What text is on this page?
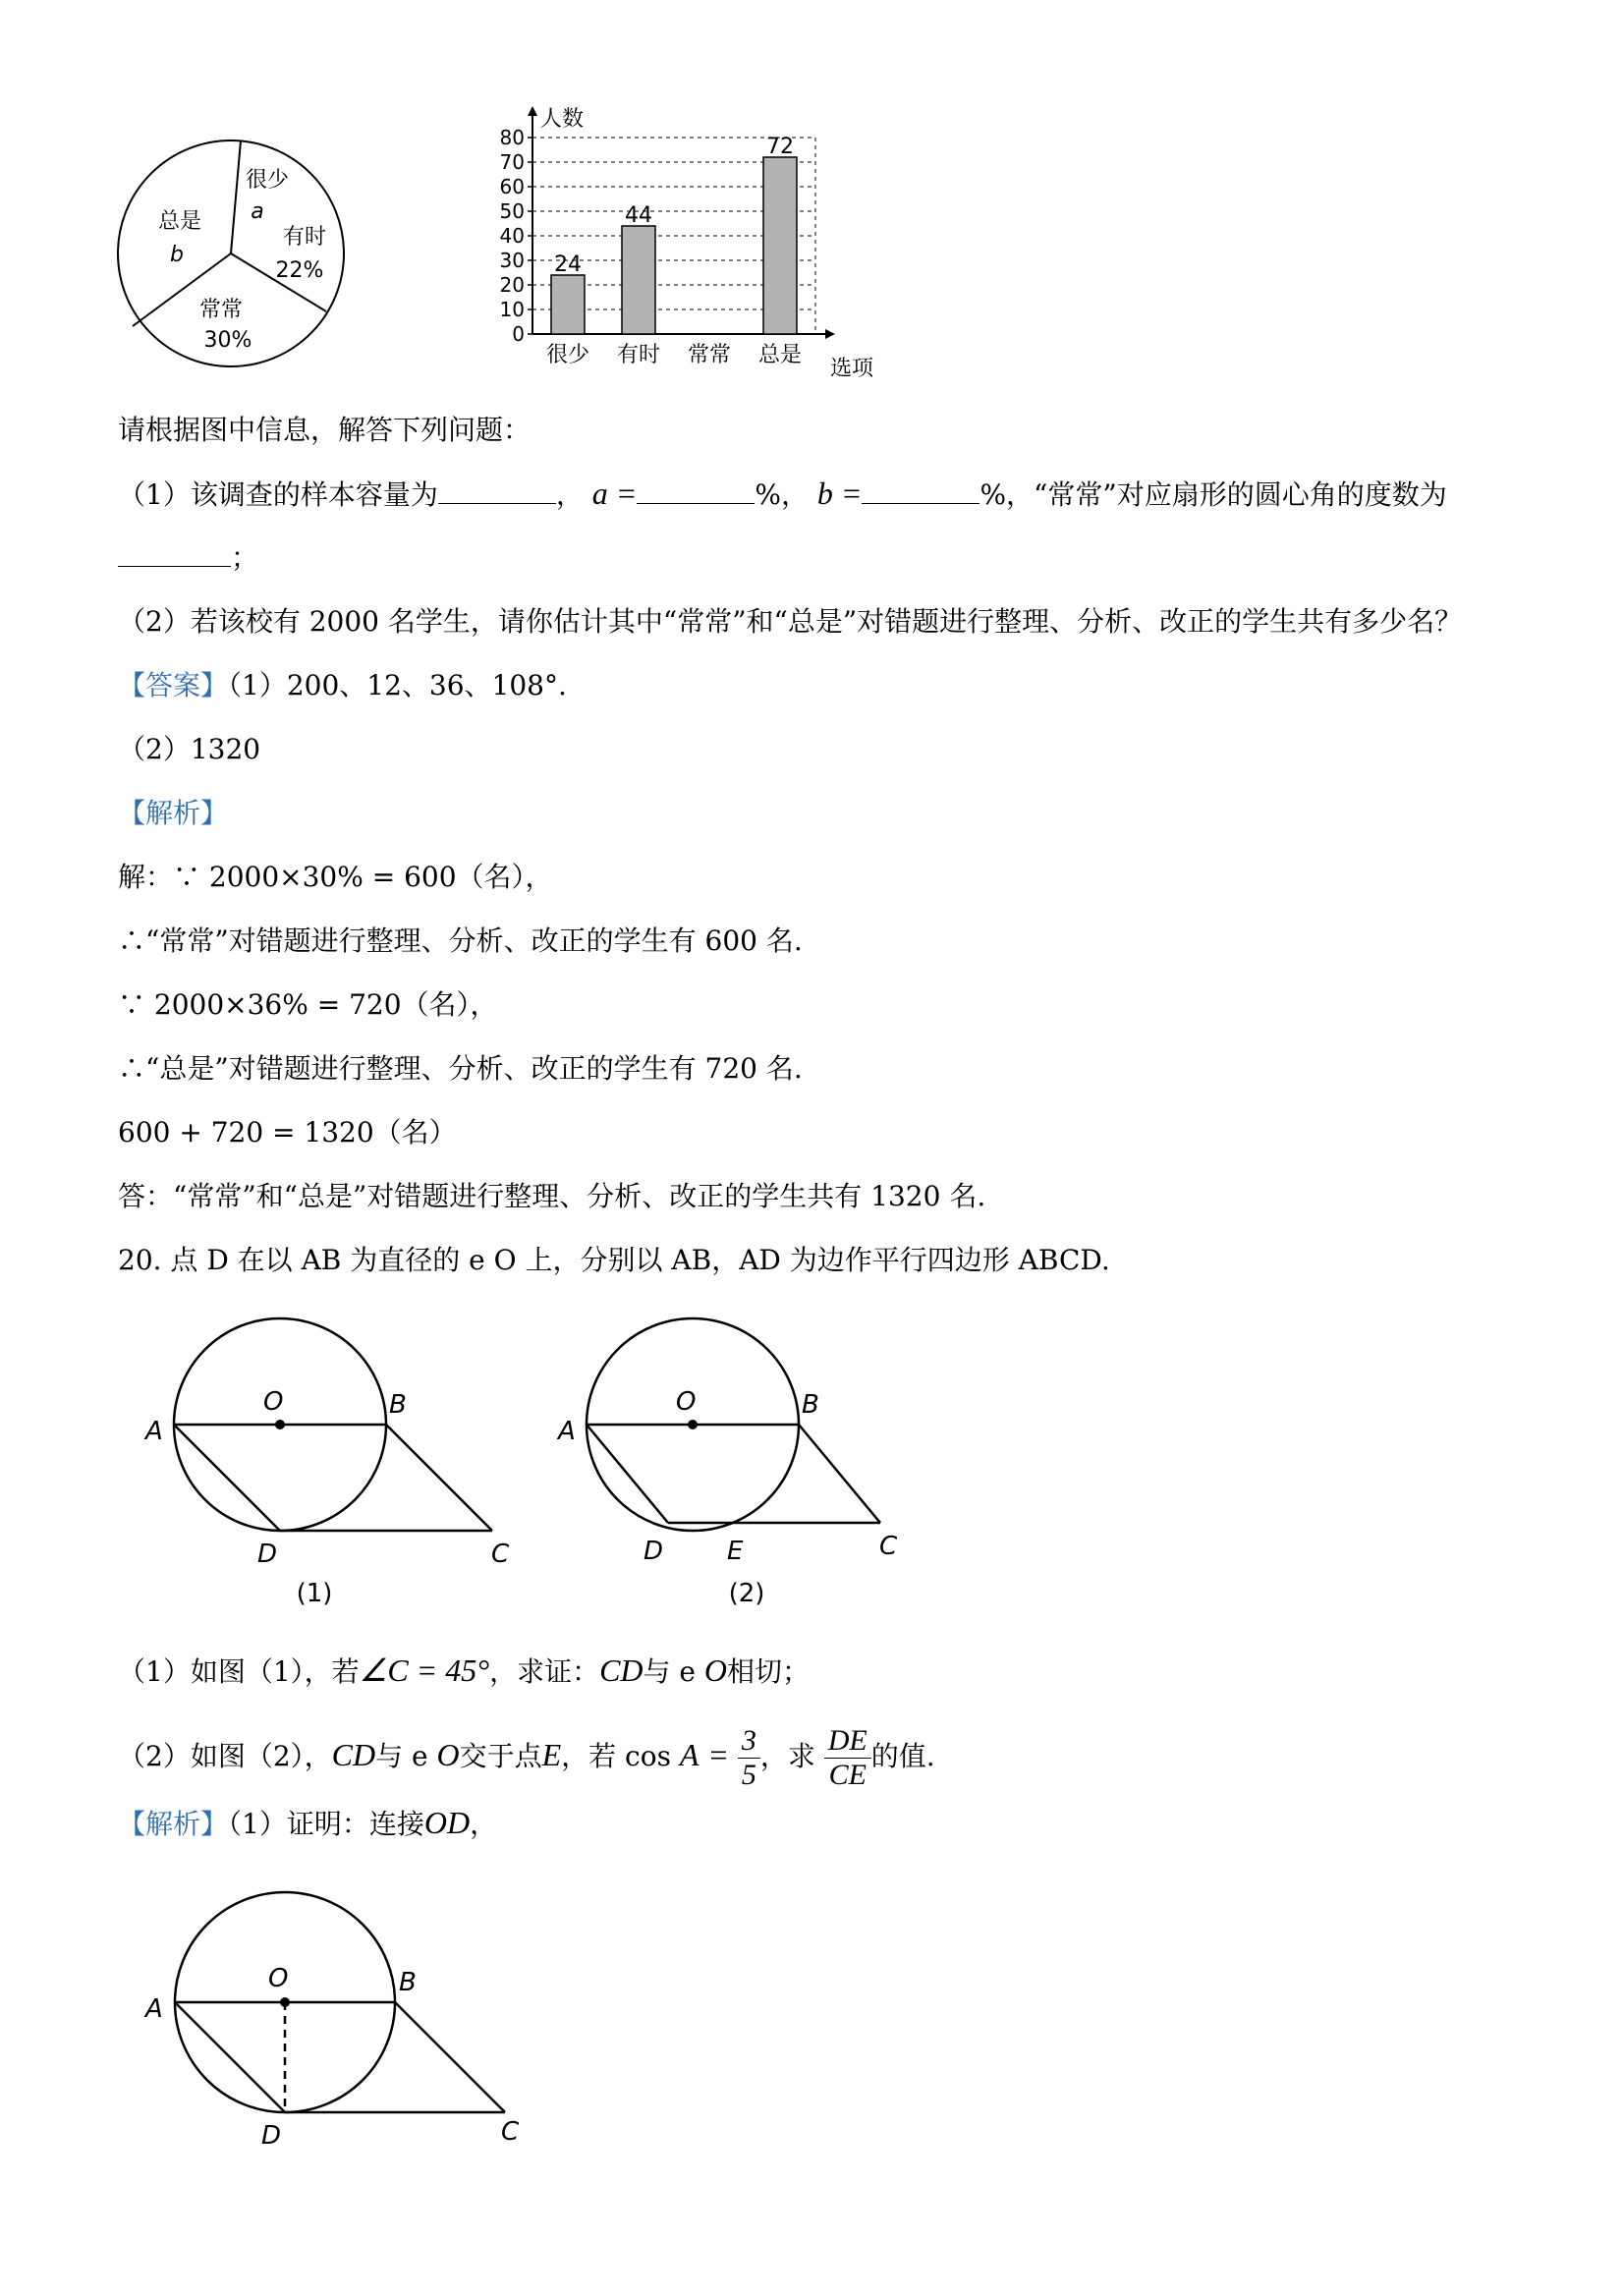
很少
a
有时
22%
常常
30%
总是
b
0
10
20
30
40
50
60
70
80
24
很少
44
有时 常常
72
总是
人数
选项
请根据图中信息，解答下列问题：
（1）该调查的样本容量为	， a =	%， b =	%，“常常”对应扇形的圆心角的度数为
；
（2）若该校有 2000 名学生，请你估计其中“常常”和“总是”对错题进行整理、分析、改正的学生共有多少名？
【答案】（1）200、12、36、108°.
（2）1320
【解析】
解：∵ 2000×30% = 600（名），
∴“常常”对错题进行整理、分析、改正的学生有 600 名.
∵ 2000×36% = 720（名），
∴“总是”对错题进行整理、分析、改正的学生有 720 名.
600 + 720 = 1320（名）
答：“常常”和“总是”对错题进行整理、分析、改正的学生共有 1320 名.
20. 点 D 在以 AB 为直径的 e O 上，分别以 AB，AD 为边作平行四边形 ABCD.
A
O	B
D	C
(1)
A
O	B
D E	C
(2)
（1）如图（1），若∠C = 45°，求证：CD与 e O相切；
（2）如图（2），CD与 e O交于点E，若 $\cos A = \frac{3}{5}$ ，求 $\frac{DE}{CE}$ 的值.
【解析】（1）证明：连接OD，
A
O	B
D	C
